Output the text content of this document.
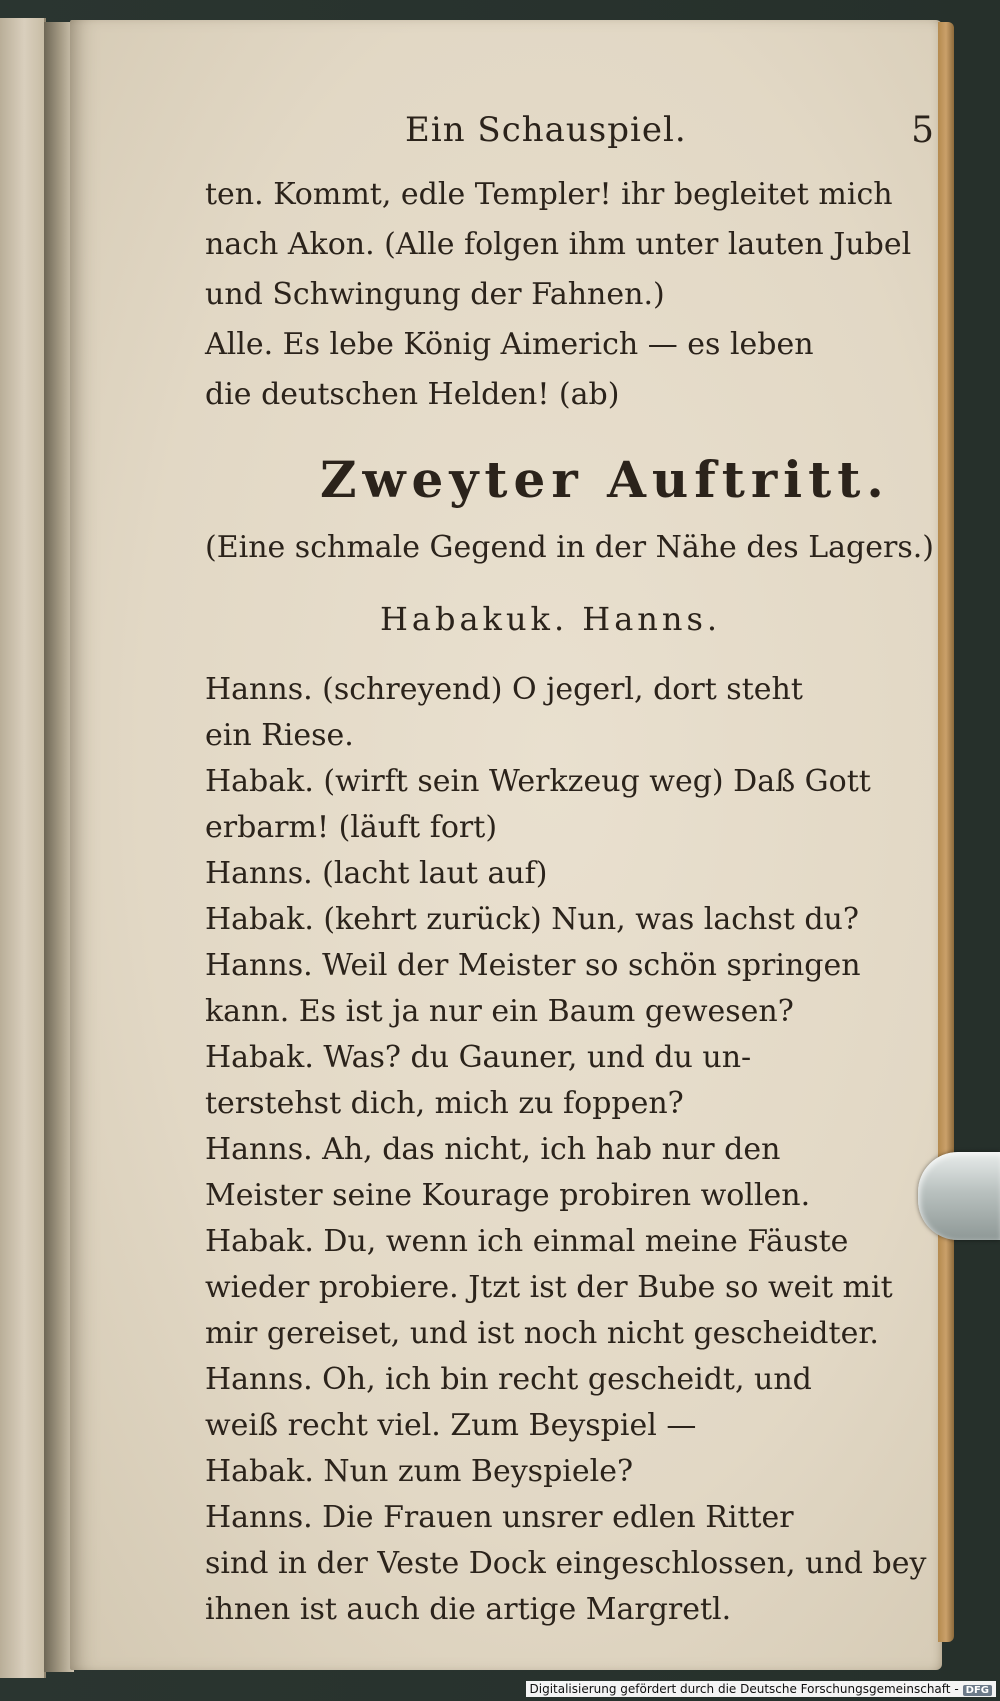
Ein Schauspiel.	5
ten. Kommt, edle Templer! ihr begleitet mich
nach Akon. (Alle folgen ihm unter lauten Jubel
und Schwingung der Fahnen.)
Alle. Es lebe König Aimerich — es leben
die deutschen Helden! (ab)
Zweyter Auftritt.
(Eine schmale Gegend in der Nähe des Lagers.)
Habakuk. Hanns.
Hanns. (schreyend) O jegerl, dort steht
ein Riese.
Habak. (wirft sein Werkzeug weg) Daß Gott
erbarm! (läuft fort)
Hanns. (lacht laut auf)
Habak. (kehrt zurück) Nun, was lachst du?
Hanns. Weil der Meister so schön springen
kann. Es ist ja nur ein Baum gewesen?
Habak. Was? du Gauner, und du un-
terstehst dich, mich zu foppen?
Hanns. Ah, das nicht, ich hab nur den
Meister seine Kourage probiren wollen.
Habak. Du, wenn ich einmal meine Fäuste
wieder probiere. Jtzt ist der Bube so weit mit
mir gereiset, und ist noch nicht gescheidter.
Hanns. Oh, ich bin recht gescheidt, und
weiß recht viel. Zum Beyspiel —
Habak. Nun zum Beyspiele?
Hanns. Die Frauen unsrer edlen Ritter
sind in der Veste Dock eingeschlossen, und bey
ihnen ist auch die artige Margretl.
Digitalisierung gefördert durch die Deutsche Forschungsgemeinschaft - DFG
